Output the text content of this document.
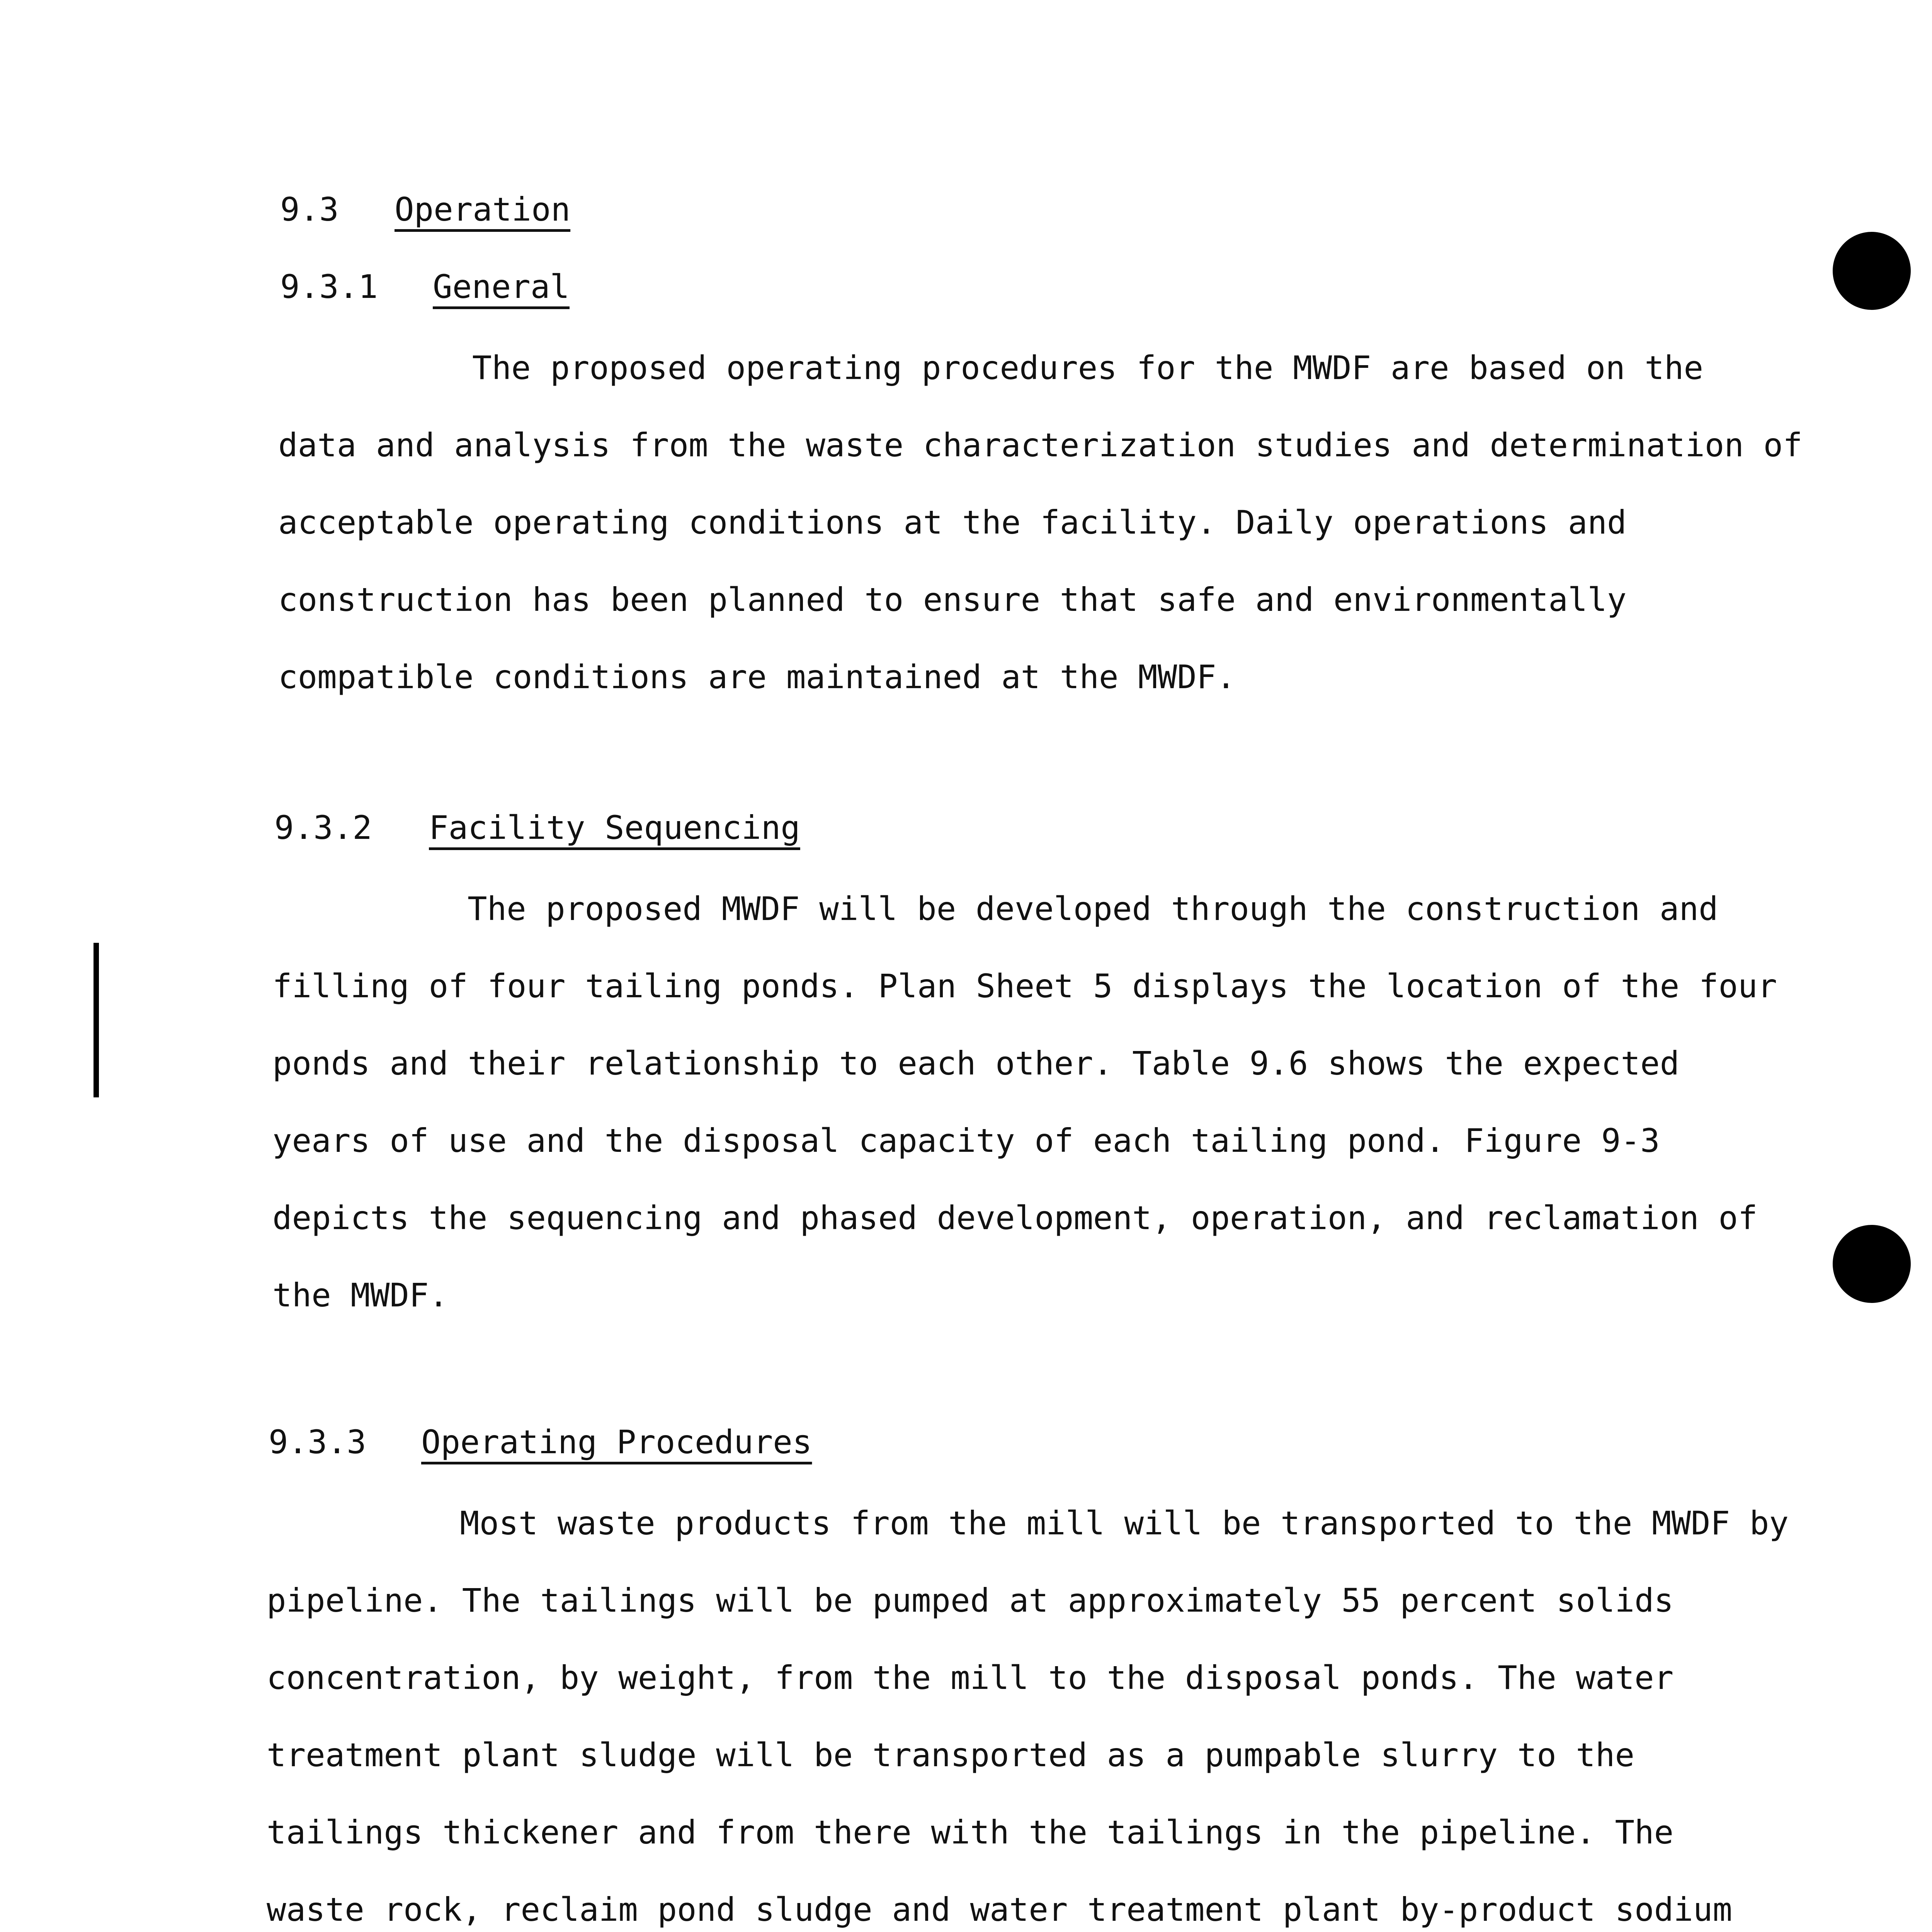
9.3 Operation
9.3.1 General
The proposed operating procedures for the MWDF are based on the
data and analysis from the waste characterization studies and determination of
acceptable operating conditions at the facility. Daily operations and
construction has been planned to ensure that safe and environmentally
compatible conditions are maintained at the MWDF.
9.3.2 Facility Sequencing
The proposed MWDF will be developed through the construction and
filling of four tailing ponds. Plan Sheet 5 displays the location of the four
ponds and their relationship to each other. Table 9.6 shows the expected
years of use and the disposal capacity of each tailing pond. Figure 9-3
depicts the sequencing and phased development, operation, and reclamation of
the MWDF.
9.3.3 Operating Procedures
Most waste products from the mill will be transported to the MWDF by
pipeline. The tailings will be pumped at approximately 55 percent solids
concentration, by weight, from the mill to the disposal ponds. The water
treatment plant sludge will be transported as a pumpable slurry to the
tailings thickener and from there with the tailings in the pipeline. The
waste rock, reclaim pond sludge and water treatment plant by-product sodium
